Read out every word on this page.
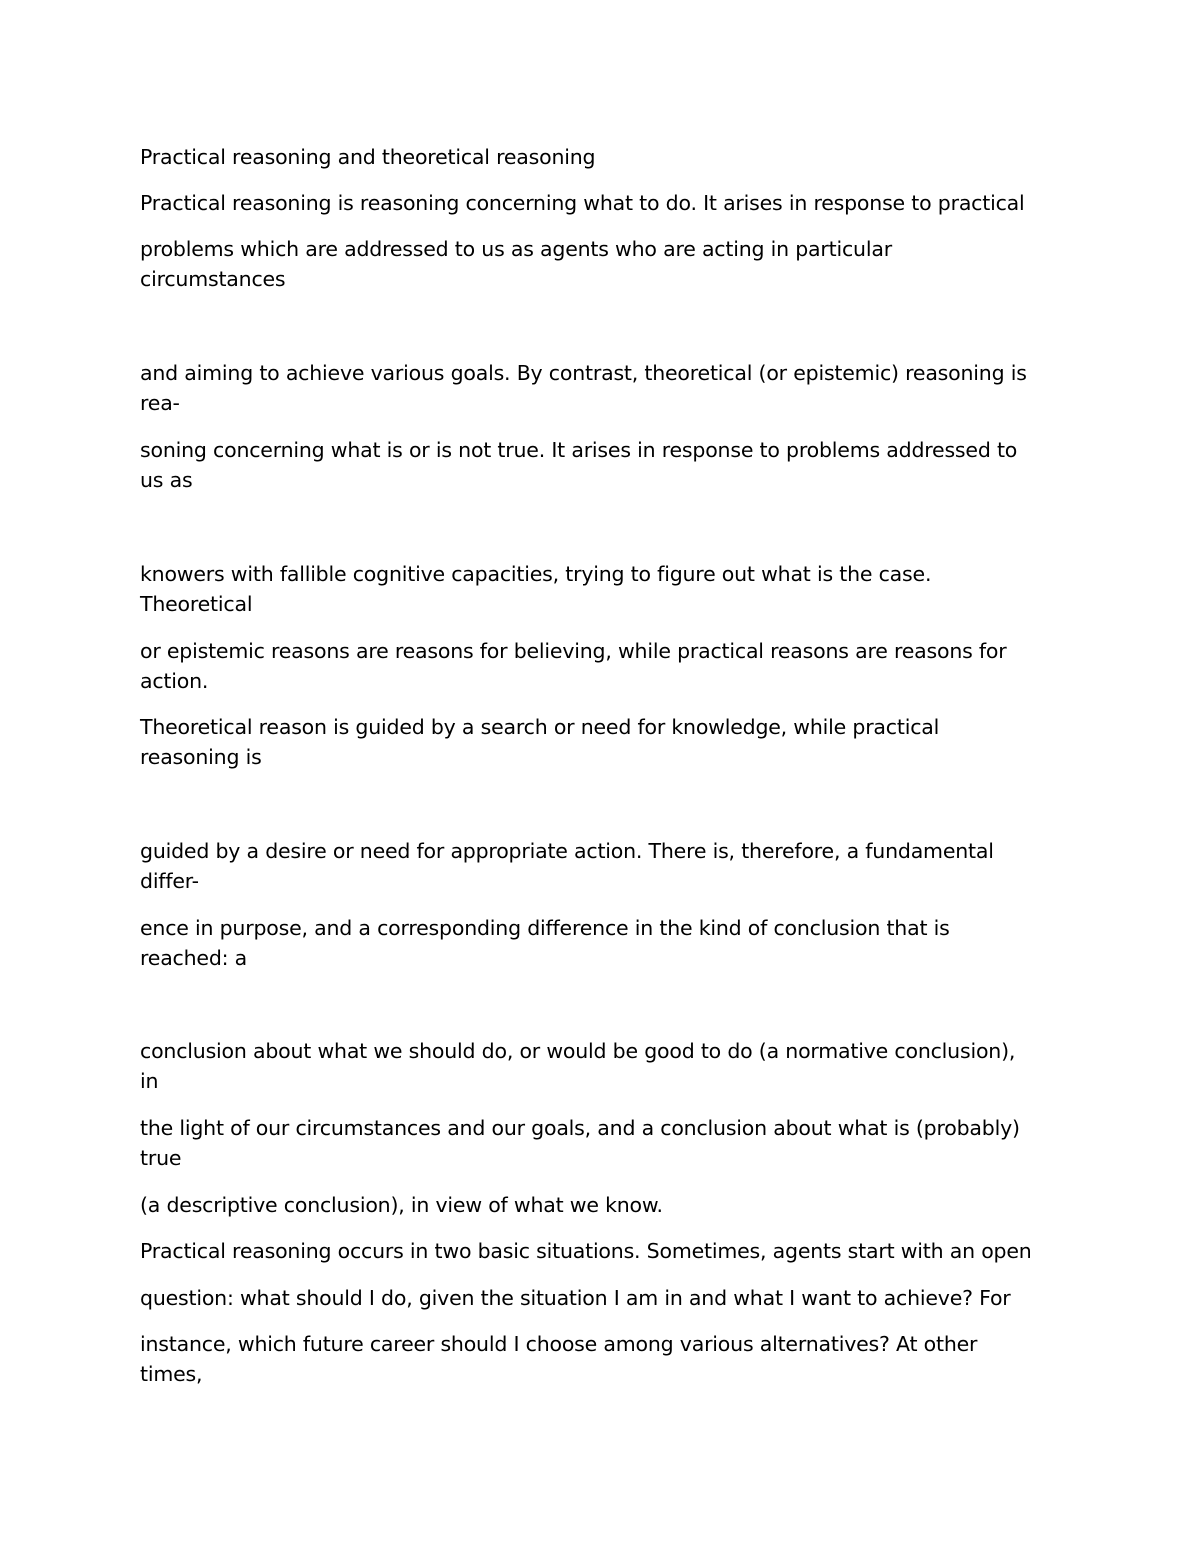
Practical reasoning and theoretical reasoning
Practical reasoning is reasoning concerning what to do. It arises in response to practical
problems which are addressed to us as agents who are acting in particular
circumstances
and aiming to achieve various goals. By contrast, theoretical (or epistemic) reasoning is
rea-
soning concerning what is or is not true. It arises in response to problems addressed to
us as
knowers with fallible cognitive capacities, trying to figure out what is the case.
Theoretical
or epistemic reasons are reasons for believing, while practical reasons are reasons for
action.
Theoretical reason is guided by a search or need for knowledge, while practical
reasoning is
guided by a desire or need for appropriate action. There is, therefore, a fundamental
differ-
ence in purpose, and a corresponding difference in the kind of conclusion that is
reached: a
conclusion about what we should do, or would be good to do (a normative conclusion),
in
the light of our circumstances and our goals, and a conclusion about what is (probably)
true
(a descriptive conclusion), in view of what we know.
Practical reasoning occurs in two basic situations. Sometimes, agents start with an open
question: what should I do, given the situation I am in and what I want to achieve? For
instance, which future career should I choose among various alternatives? At other
times,
